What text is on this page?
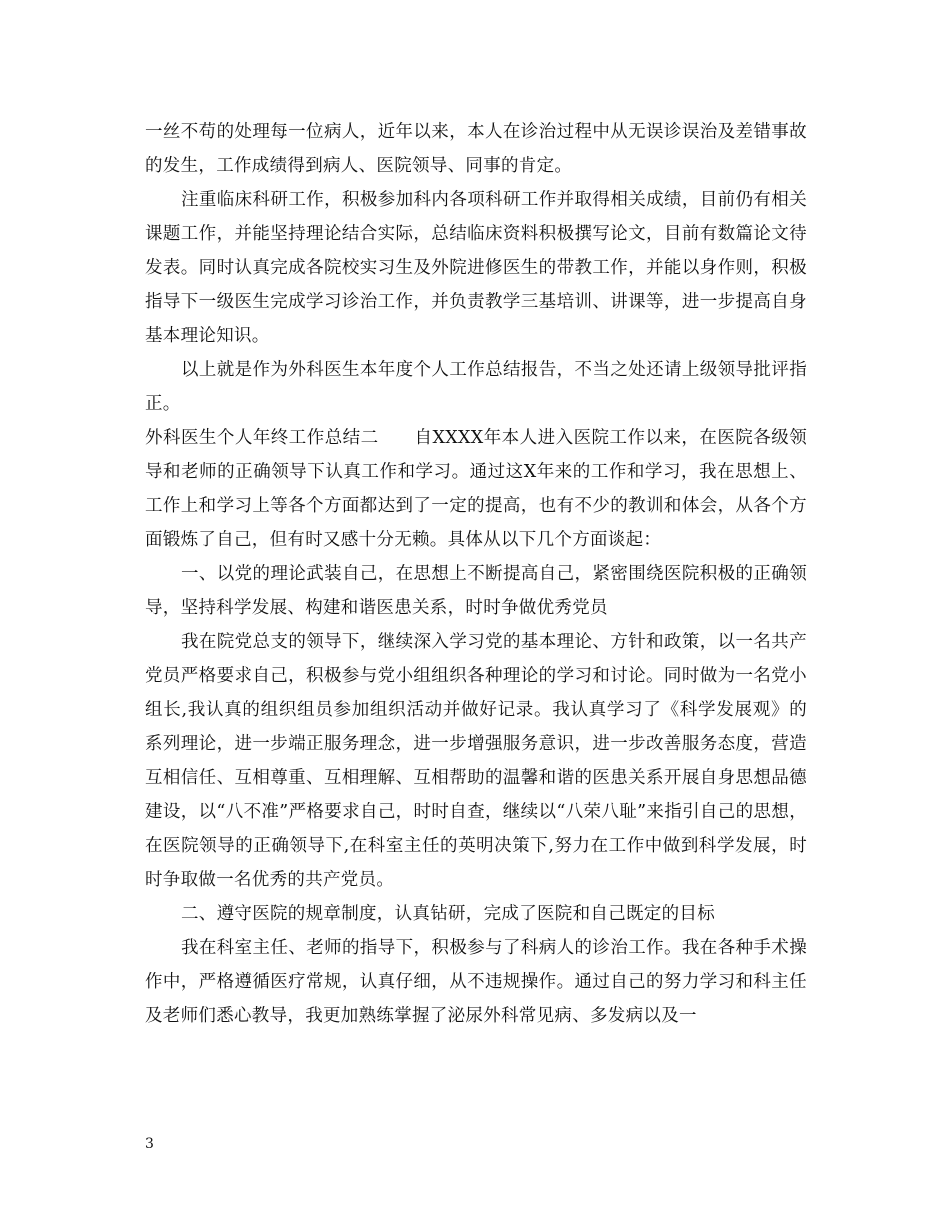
一丝不苟的处理每一位病人，近年以来，本人在诊治过程中从无误诊误治及差错事故的发生，工作成绩得到病人、医院领导、同事的肯定。

注重临床科研工作，积极参加科内各项科研工作并取得相关成绩，目前仍有相关课题工作，并能坚持理论结合实际，总结临床资料积极撰写论文，目前有数篇论文待发表。同时认真完成各院校实习生及外院进修医生的带教工作，并能以身作则，积极指导下一级医生完成学习诊治工作，并负责教学三基培训、讲课等，进一步提高自身基本理论知识。

以上就是作为外科医生本年度个人工作总结报告，不当之处还请上级领导批评指正。

外科医生个人年终工作总结二　　自XXXX年本人进入医院工作以来，在医院各级领导和老师的正确领导下认真工作和学习。通过这X年来的工作和学习，我在思想上、工作上和学习上等各个方面都达到了一定的提高，也有不少的教训和体会，从各个方面锻炼了自己，但有时又感十分无赖。具体从以下几个方面谈起：

一、以党的理论武装自己，在思想上不断提高自己，紧密围绕医院积极的正确领导，坚持科学发展、构建和谐医患关系，时时争做优秀党员

我在院党总支的领导下，继续深入学习党的基本理论、方针和政策，以一名共产党员严格要求自己，积极参与党小组组织各种理论的学习和讨论。同时做为一名党小组长,我认真的组织组员参加组织活动并做好记录。我认真学习了《科学发展观》的系列理论，进一步端正服务理念，进一步增强服务意识，进一步改善服务态度，营造互相信任、互相尊重、互相理解、互相帮助的温馨和谐的医患关系开展自身思想品德建设，以“八不准”严格要求自己，时时自查，继续以“八荣八耻”来指引自己的思想，在医院领导的正确领导下,在科室主任的英明决策下,努力在工作中做到科学发展，时时争取做一名优秀的共产党员。

二、遵守医院的规章制度，认真钻研，完成了医院和自己既定的目标

我在科室主任、老师的指导下，积极参与了科病人的诊治工作。我在各种手术操作中，严格遵循医疗常规，认真仔细，从不违规操作。通过自己的努力学习和科主任及老师们悉心教导，我更加熟练掌握了泌尿外科常见病、多发病以及一

3
